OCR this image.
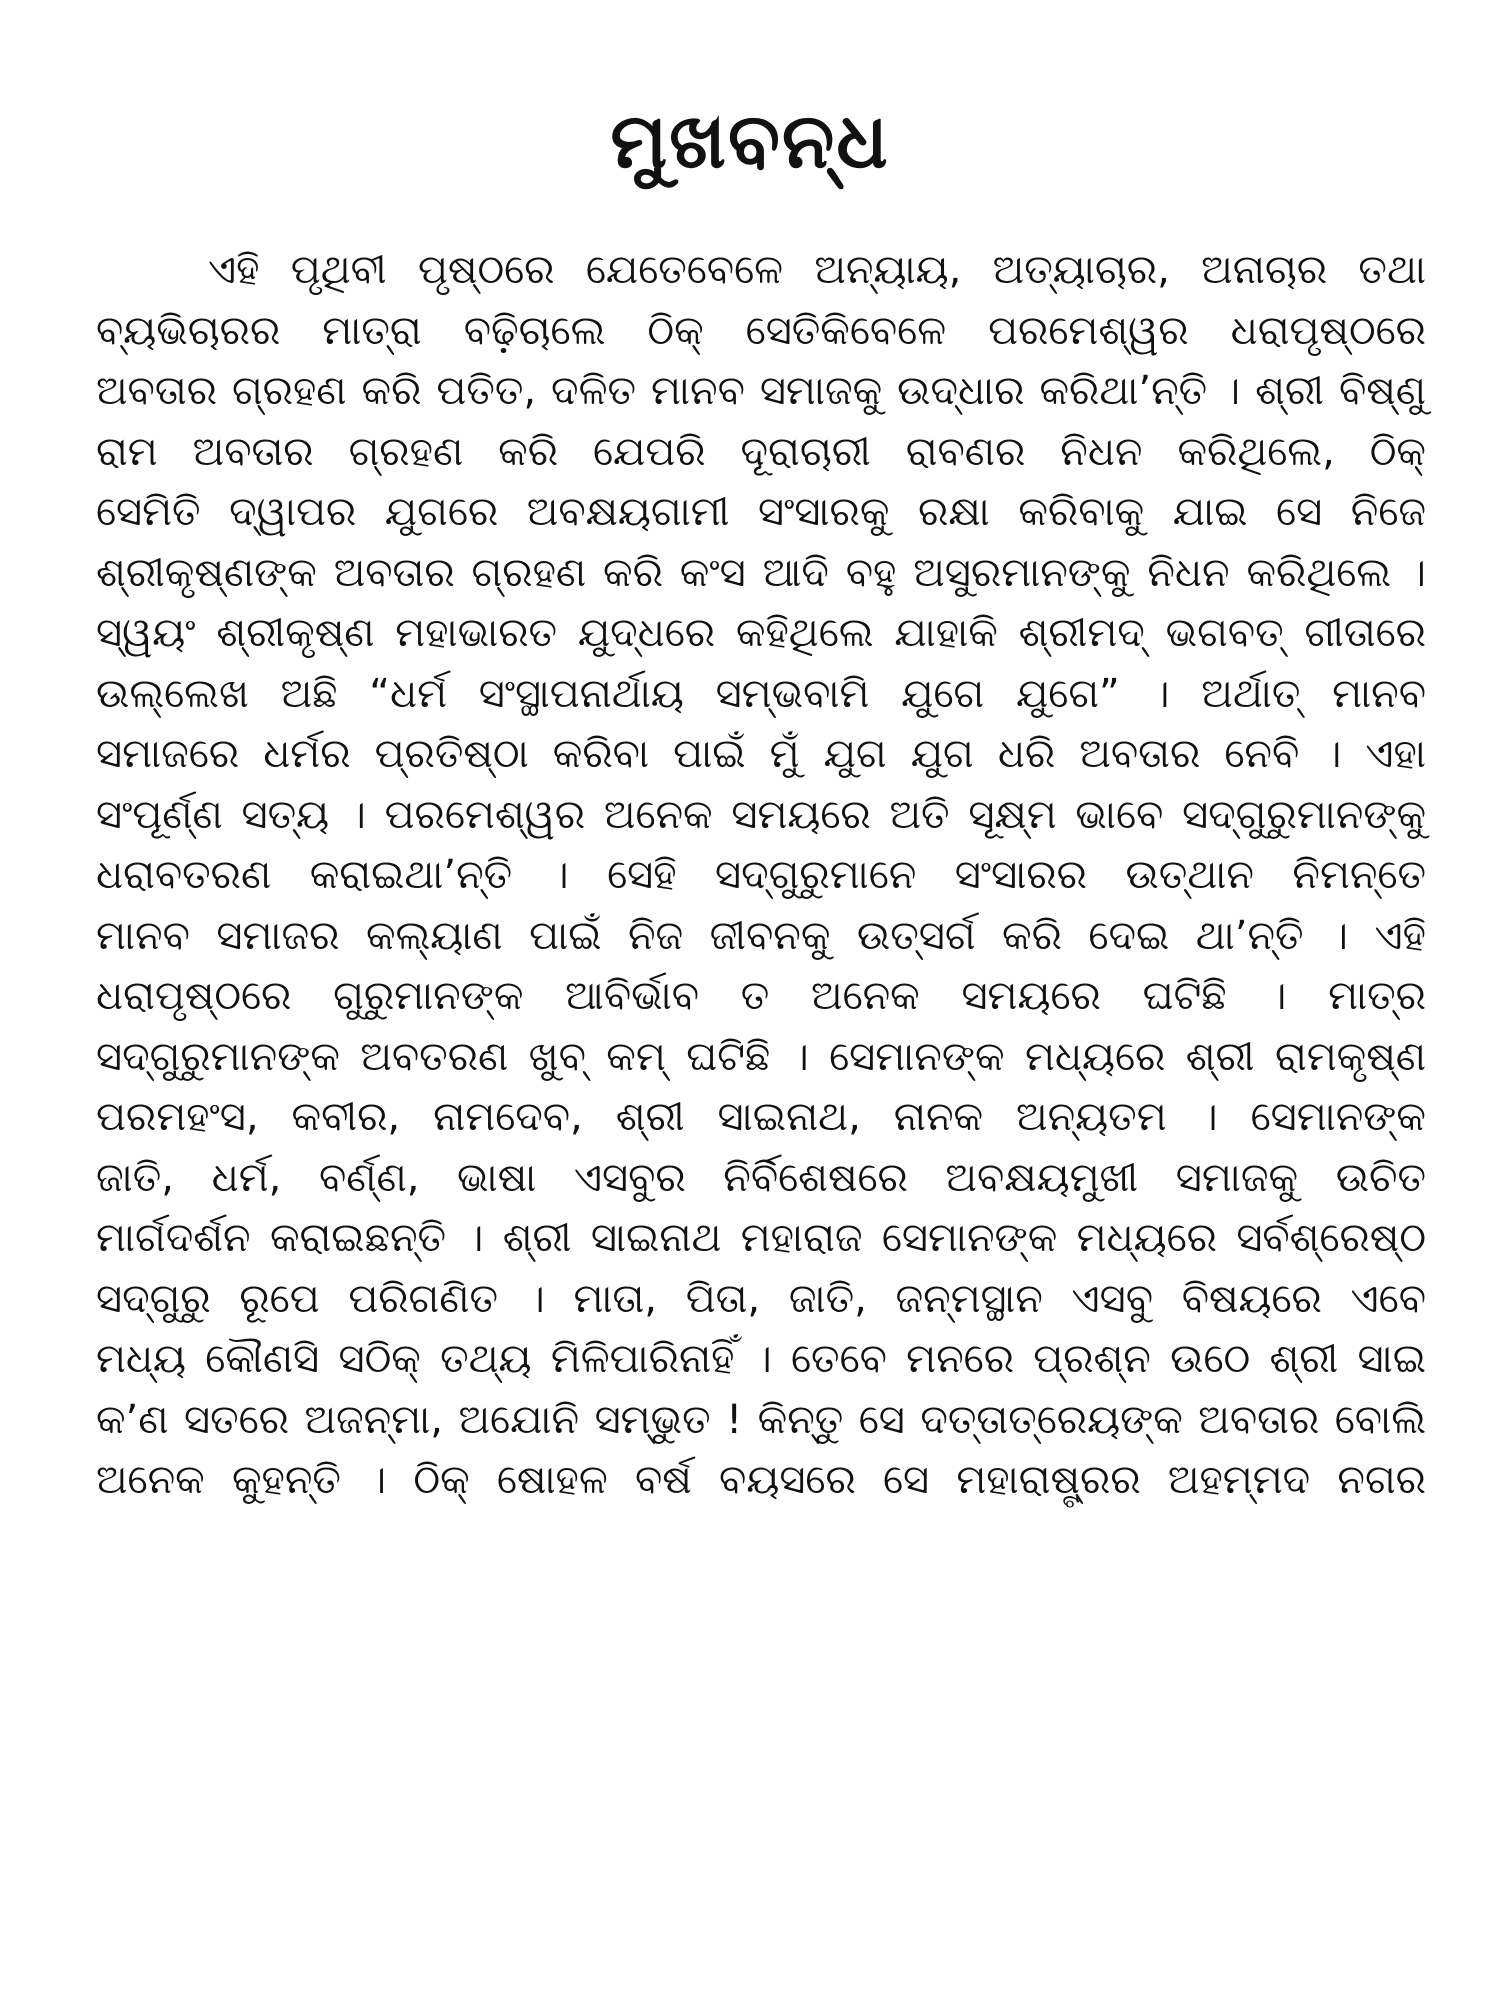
ମୁଖବନ୍ଧ
ଏହି ପୃଥିବୀ ପୃଷ୍ଠରେ ଯେତେବେଳେ ଅନ୍ୟାୟ, ଅତ୍ୟାଚାର, ଅନାଚାର ତଥା
ବ୍ୟଭିଚାରର ମାତ୍ରା ବଢ଼ିଚାଲେ ଠିକ୍ ସେତିକିବେଳେ ପରମେଶ୍ୱର ଧରାପୃଷ୍ଠରେ
ଅବତାର ଗ୍ରହଣ କରି ପତିତ, ଦଳିତ ମାନବ ସମାଜକୁ ଉଦ୍ଧାର କରିଥା’ନ୍ତି । ଶ୍ରୀ ବିଷ୍ଣୁ
ରାମ ଅବତାର ଗ୍ରହଣ କରି ଯେପରି ଦୂରାଚାରୀ ରାବଣର ନିଧନ କରିଥିଲେ, ଠିକ୍
ସେମିତି ଦ୍ୱାପର ଯୁଗରେ ଅବକ୍ଷୟଗାମୀ ସଂସାରକୁ ରକ୍ଷା କରିବାକୁ ଯାଇ ସେ ନିଜେ
ଶ୍ରୀକୃଷ୍ଣଙ୍କ ଅବତାର ଗ୍ରହଣ କରି କଂସ ଆଦି ବହୁ ଅସୁରମାନଙ୍କୁ ନିଧନ କରିଥିଲେ ।
ସ୍ୱୟଂ ଶ୍ରୀକୃଷ୍ଣ ମହାଭାରତ ଯୁଦ୍ଧରେ କହିଥିଲେ ଯାହାକି ଶ୍ରୀମଦ୍ ଭଗବତ୍ ଗୀତାରେ
ଉଲ୍ଲେଖ ଅଛି “ଧର୍ମ ସଂସ୍ଥାପନାର୍ଥାୟ ସମ୍ଭବାମି ଯୁଗେ ଯୁଗେ” । ଅର୍ଥାତ୍ ମାନବ
ସମାଜରେ ଧର୍ମର ପ୍ରତିଷ୍ଠା କରିବା ପାଇଁ ମୁଁ ଯୁଗ ଯୁଗ ଧରି ଅବତାର ନେବି । ଏହା
ସଂପୂର୍ଣ୍ଣ ସତ୍ୟ । ପରମେଶ୍ୱର ଅନେକ ସମୟରେ ଅତି ସୂକ୍ଷ୍ମ ଭାବେ ସଦ୍‌ଗୁରୁମାନଙ୍କୁ
ଧରାବତରଣ କରାଇଥା’ନ୍ତି । ସେହି ସଦ୍‌ଗୁରୁମାନେ ସଂସାରର ଉତ୍‌ଥାନ ନିମନ୍ତେ
ମାନବ ସମାଜର କଲ୍ୟାଣ ପାଇଁ ନିଜ ଜୀବନକୁ ଉତ୍ସର୍ଗ କରି ଦେଇ ଥା’ନ୍ତି । ଏହି
ଧରାପୃଷ୍ଠରେ ଗୁରୁମାନଙ୍କ ଆବିର୍ଭାବ ତ ଅନେକ ସମୟରେ ଘଟିଛି । ମାତ୍ର
ସଦ୍‌ଗୁରୁମାନଙ୍କ ଅବତରଣ ଖୁବ୍ କମ୍ ଘଟିଛି । ସେମାନଙ୍କ ମଧ୍ୟରେ ଶ୍ରୀ ରାମକୃଷ୍ଣ
ପରମହଂସ, କବୀର, ନାମଦେବ, ଶ୍ରୀ ସାଇନାଥ, ନାନକ ଅନ୍ୟତମ । ସେମାନଙ୍କ
ଜାତି, ଧର୍ମ, ବର୍ଣ୍ଣ, ଭାଷା ଏସବୁର ନିର୍ବିଶେଷରେ ଅବକ୍ଷୟମୁଖୀ ସମାଜକୁ ଉଚିତ
ମାର୍ଗଦର୍ଶନ କରାଇଛନ୍ତି । ଶ୍ରୀ ସାଇନାଥ ମହାରାଜ ସେମାନଙ୍କ ମଧ୍ୟରେ ସର୍ବଶ୍ରେଷ୍ଠ
ସଦ୍‌ଗୁରୁ ରୂପେ ପରିଗଣିତ । ମାତା, ପିତା, ଜାତି, ଜନ୍ମସ୍ଥାନ ଏସବୁ ବିଷୟରେ ଏବେ
ମଧ୍ୟ କୌଣସି ସଠିକ୍ ତଥ୍ୟ ମିଳିପାରିନାହିଁ । ତେବେ ମନରେ ପ୍ରଶ୍ନ ଉଠେ ଶ୍ରୀ ସାଇ
କ’ଣ ସତରେ ଅଜନ୍ମା, ଅଯୋନି ସମ୍ଭୁତ ! କିନ୍ତୁ ସେ ଦତ୍ତାତ୍ରେୟଙ୍କ ଅବତାର ବୋଲି
ଅନେକ କୁହନ୍ତି । ଠିକ୍ ଷୋହଳ ବର୍ଷ ବୟସରେ ସେ ମହାରାଷ୍ଟ୍ରର ଅହମ୍ମଦ ନଗର
